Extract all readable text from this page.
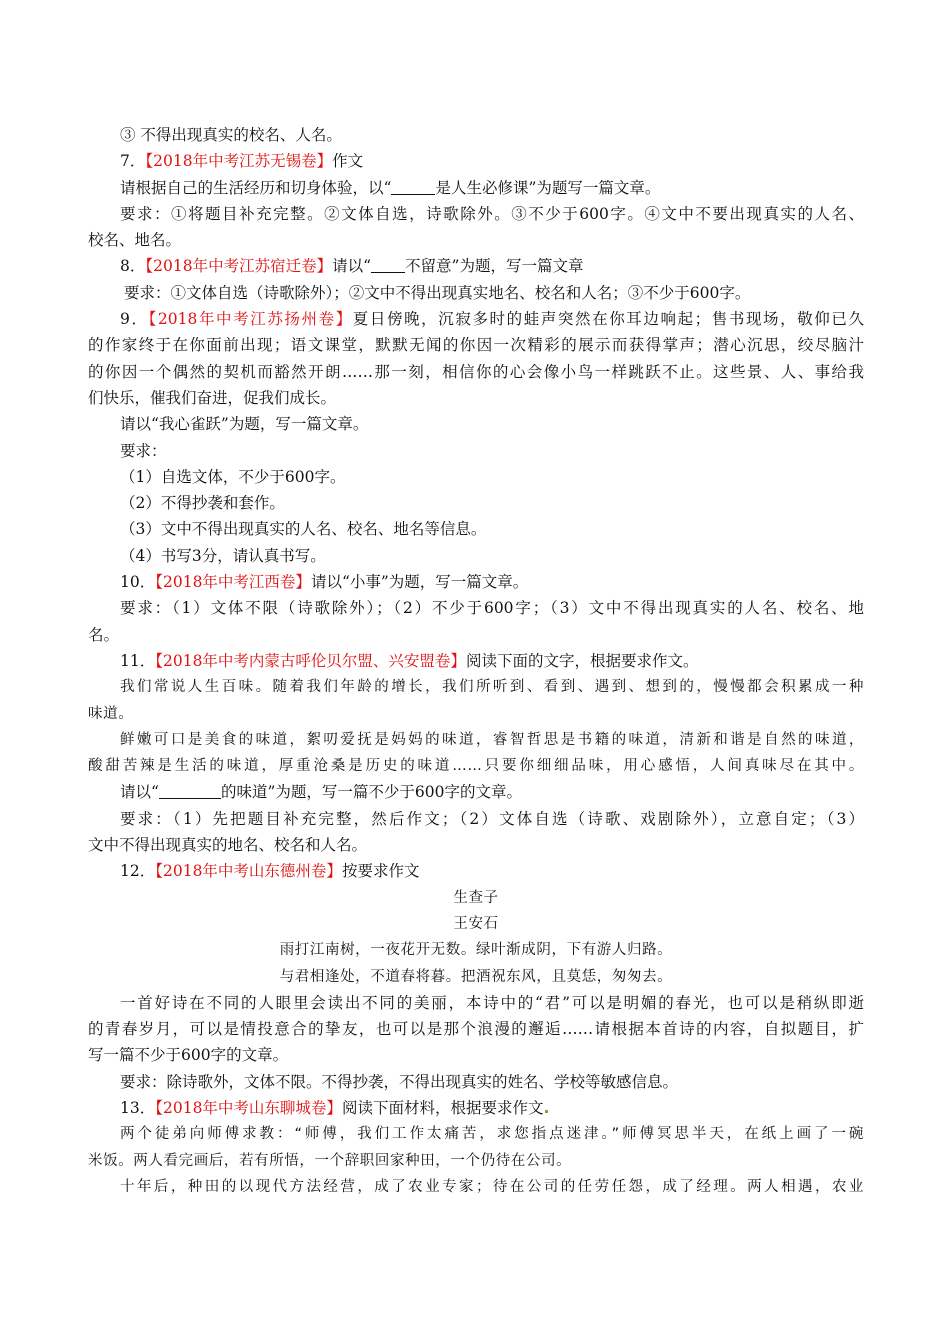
③ 不得出现真实的校名、人名。
7．【2018年中考江苏无锡卷】作文
请根据自己的生活经历和切身体验，以“	是人生必修课”为题写一篇文章。
要求：①将题目补充完整。②文体自选，诗歌除外。③不少于600字。④文中不要出现真实的人名、
校名、地名。
8．【2018年中考江苏宿迁卷】请以“ 不留意”为题，写一篇文章
要求：①文体自选（诗歌除外）；②文中不得出现真实地名、校名和人名；③不少于600字。
9．【2018年中考江苏扬州卷】夏日傍晚，沉寂多时的蛙声突然在你耳边响起；售书现场，敬仰已久
的作家终于在你面前出现；语文课堂，默默无闻的你因一次精彩的展示而获得掌声；潜心沉思，绞尽脑汁
的你因一个偶然的契机而豁然开朗……那一刻，相信你的心会像小鸟一样跳跃不止。这些景、人、事给我
们快乐，催我们奋进，促我们成长。
请以“我心雀跃”为题，写一篇文章。
要求：
（1）自选文体，不少于600字。
（2）不得抄袭和套作。
（3）文中不得出现真实的人名、校名、地名等信息。
（4）书写3分，请认真书写。
10．【2018年中考江西卷】请以“小事”为题，写一篇文章。
要求：（1）文体不限（诗歌除外）；（2）不少于600字；（3）文中不得出现真实的人名、校名、地
名。
11．【2018年中考内蒙古呼伦贝尔盟、兴安盟卷】阅读下面的文字，根据要求作文。
我们常说人生百味。随着我们年龄的增长，我们所听到、看到、遇到、想到的，慢慢都会积累成一种
味道。
鲜嫩可口是美食的味道，絮叨爱抚是妈妈的味道，睿智哲思是书籍的味道，清新和谐是自然的味道，
酸甜苦辣是生活的味道，厚重沧桑是历史的味道……只要你细细品味，用心感悟，人间真味尽在其中。
请以“	的味道”为题，写一篇不少于600字的文章。
要求：（1）先把题目补充完整，然后作文；（2）文体自选（诗歌、戏剧除外），立意自定；（3）
文中不得出现真实的地名、校名和人名。
12．【2018年中考山东德州卷】按要求作文
生查子
王安石
雨打江南树，一夜花开无数。绿叶渐成阴，下有游人归路。
与君相逢处，不道春将暮。把酒祝东风，且莫恁，匆匆去。
一首好诗在不同的人眼里会读出不同的美丽，本诗中的“君”可以是明媚的春光，也可以是稍纵即逝
的青春岁月，可以是情投意合的挚友，也可以是那个浪漫的邂逅……请根据本首诗的内容，自拟题目，扩
写一篇不少于600字的文章。
要求：除诗歌外，文体不限。不得抄袭，不得出现真实的姓名、学校等敏感信息。
13．【2018年中考山东聊城卷】阅读下面材料，根据要求作文
两个徒弟向师傅求教：“师傅，我们工作太痛苦，求您指点迷津。”师傅冥思半天，在纸上画了一碗
米饭。两人看完画后，若有所悟，一个辞职回家种田，一个仍待在公司。
十年后，种田的以现代方法经营，成了农业专家；待在公司的任劳任怨，成了经理。两人相遇，农业
